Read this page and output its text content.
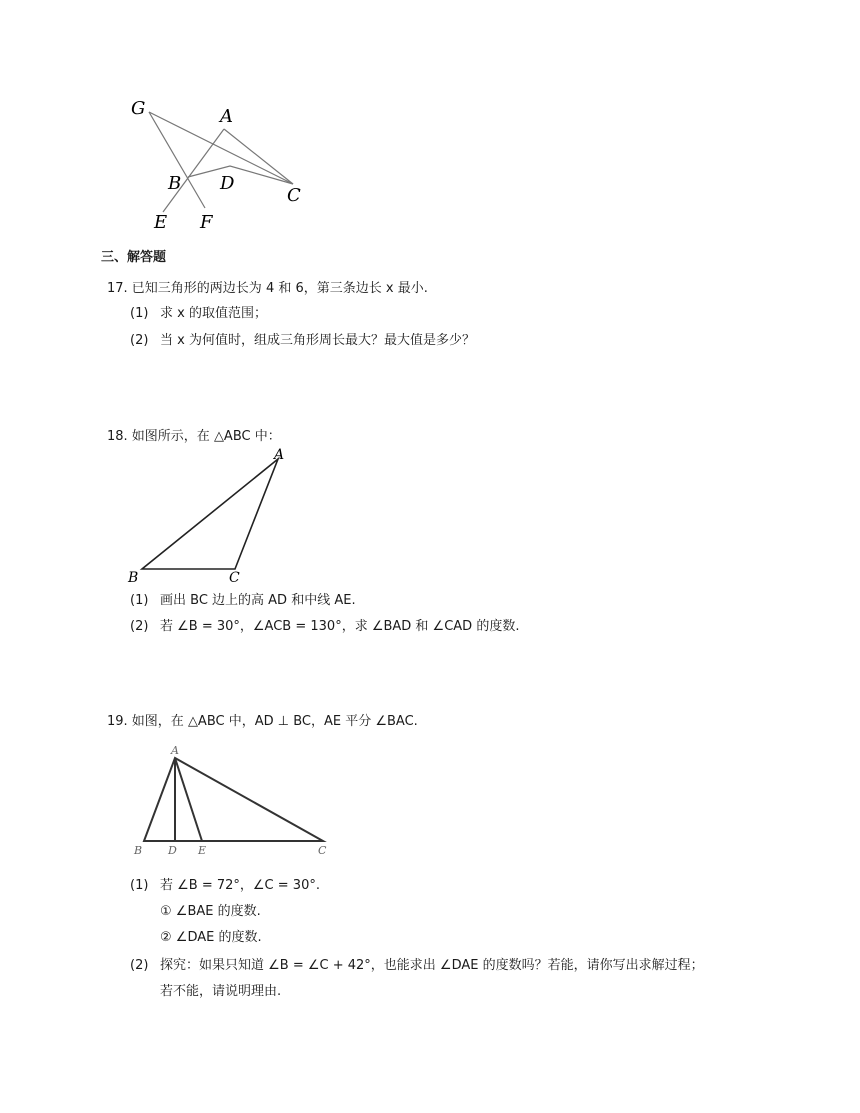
G	A
B D
C
E F
三、解答题
17. 已知三角形的两边长为 4 和 6，第三条边长 x 最小.
(1) 求 x 的取值范围；
(2) 当 x 为何值时，组成三角形周长最大？最大值是多少？
18. 如图所示，在 △ABC 中：
A
B	C
(1) 画出 BC 边上的高 AD 和中线 AE.
(2) 若 ∠B = 30°，∠ACB = 130°，求 ∠BAD 和 ∠CAD 的度数.
19. 如图，在 △ABC 中，AD ⊥ BC，AE 平分 ∠BAC.
A
B D E	C
(1) 若 ∠B = 72°，∠C = 30°.
① ∠BAE 的度数.
② ∠DAE 的度数.
(2) 探究：如果只知道 ∠B = ∠C + 42°，也能求出 ∠DAE 的度数吗？若能，请你写出求解过程；
若不能，请说明理由.
